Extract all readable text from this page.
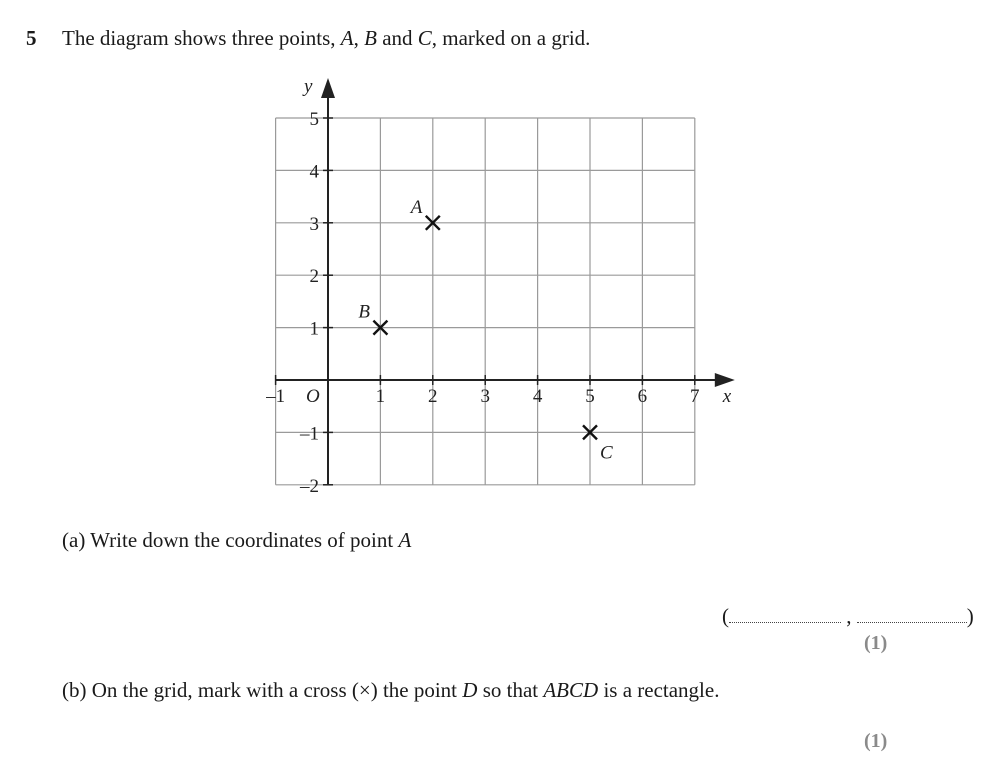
5 The diagram shows three points, A, B and C, marked on a grid.
–1	1 2 3 4 5 6 7
5
4
3
2
1
–1
–2
O	x
y
A
B
C
(a) Write down the coordinates of point A
(	,	)
(1)
(b) On the grid, mark with a cross (×) the point D so that ABCD is a rectangle.
(1)
